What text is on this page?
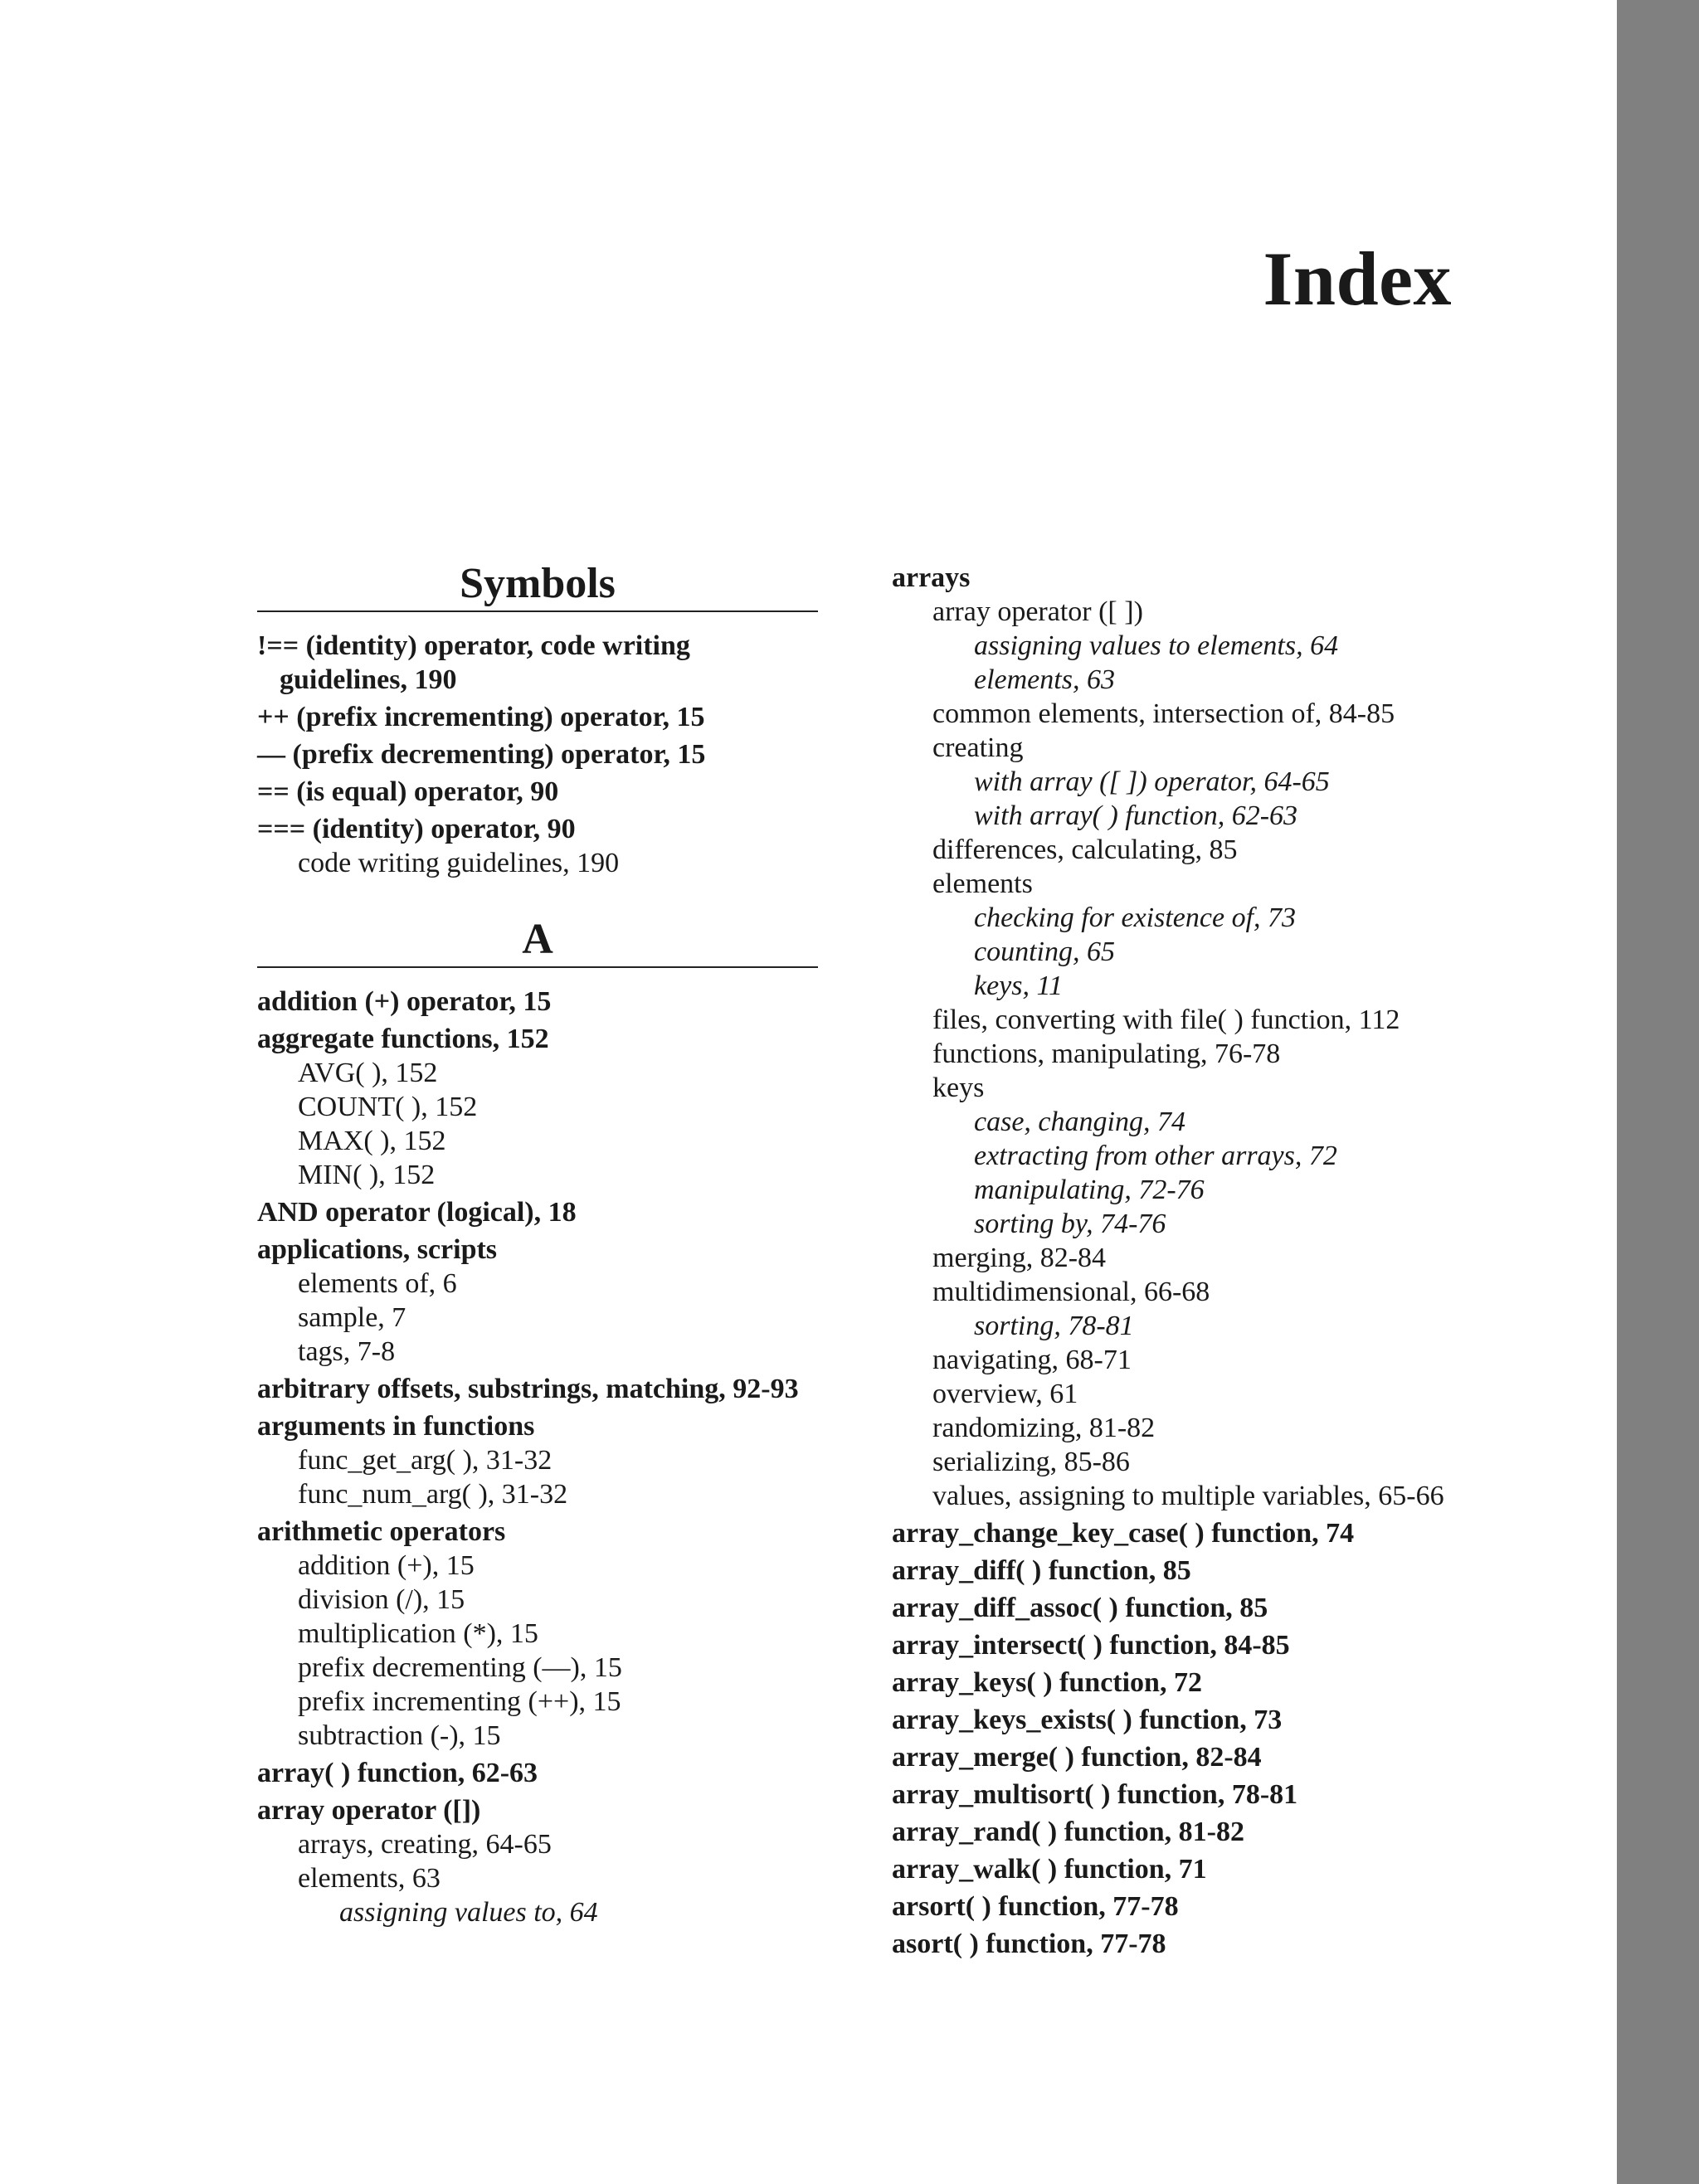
Index
Symbols
!== (identity) operator, code writing guidelines, 190
++ (prefix incrementing) operator, 15
— (prefix decrementing) operator, 15
== (is equal) operator, 90
=== (identity) operator, 90
code writing guidelines, 190
A
addition (+) operator, 15
aggregate functions, 152
AVG( ), 152
COUNT( ), 152
MAX( ), 152
MIN( ), 152
AND operator (logical), 18
applications, scripts
elements of, 6
sample, 7
tags, 7-8
arbitrary offsets, substrings, matching, 92-93
arguments in functions
func_get_arg( ), 31-32
func_num_arg( ), 31-32
arithmetic operators
addition (+), 15
division (/), 15
multiplication (*), 15
prefix decrementing (—), 15
prefix incrementing (++), 15
subtraction (-), 15
array( ) function, 62-63
array operator ([])
arrays, creating, 64-65
elements, 63
assigning values to, 64
arrays
array operator ([ ])
assigning values to elements, 64
elements, 63
common elements, intersection of, 84-85
creating
with array ([ ]) operator, 64-65
with array( ) function, 62-63
differences, calculating, 85
elements
checking for existence of, 73
counting, 65
keys, 11
files, converting with file( ) function, 112
functions, manipulating, 76-78
keys
case, changing, 74
extracting from other arrays, 72
manipulating, 72-76
sorting by, 74-76
merging, 82-84
multidimensional, 66-68
sorting, 78-81
navigating, 68-71
overview, 61
randomizing, 81-82
serializing, 85-86
values, assigning to multiple variables, 65-66
array_change_key_case( ) function, 74
array_diff( ) function, 85
array_diff_assoc( ) function, 85
array_intersect( ) function, 84-85
array_keys( ) function, 72
array_keys_exists( ) function, 73
array_merge( ) function, 82-84
array_multisort( ) function, 78-81
array_rand( ) function, 81-82
array_walk( ) function, 71
arsort( ) function, 77-78
asort( ) function, 77-78
